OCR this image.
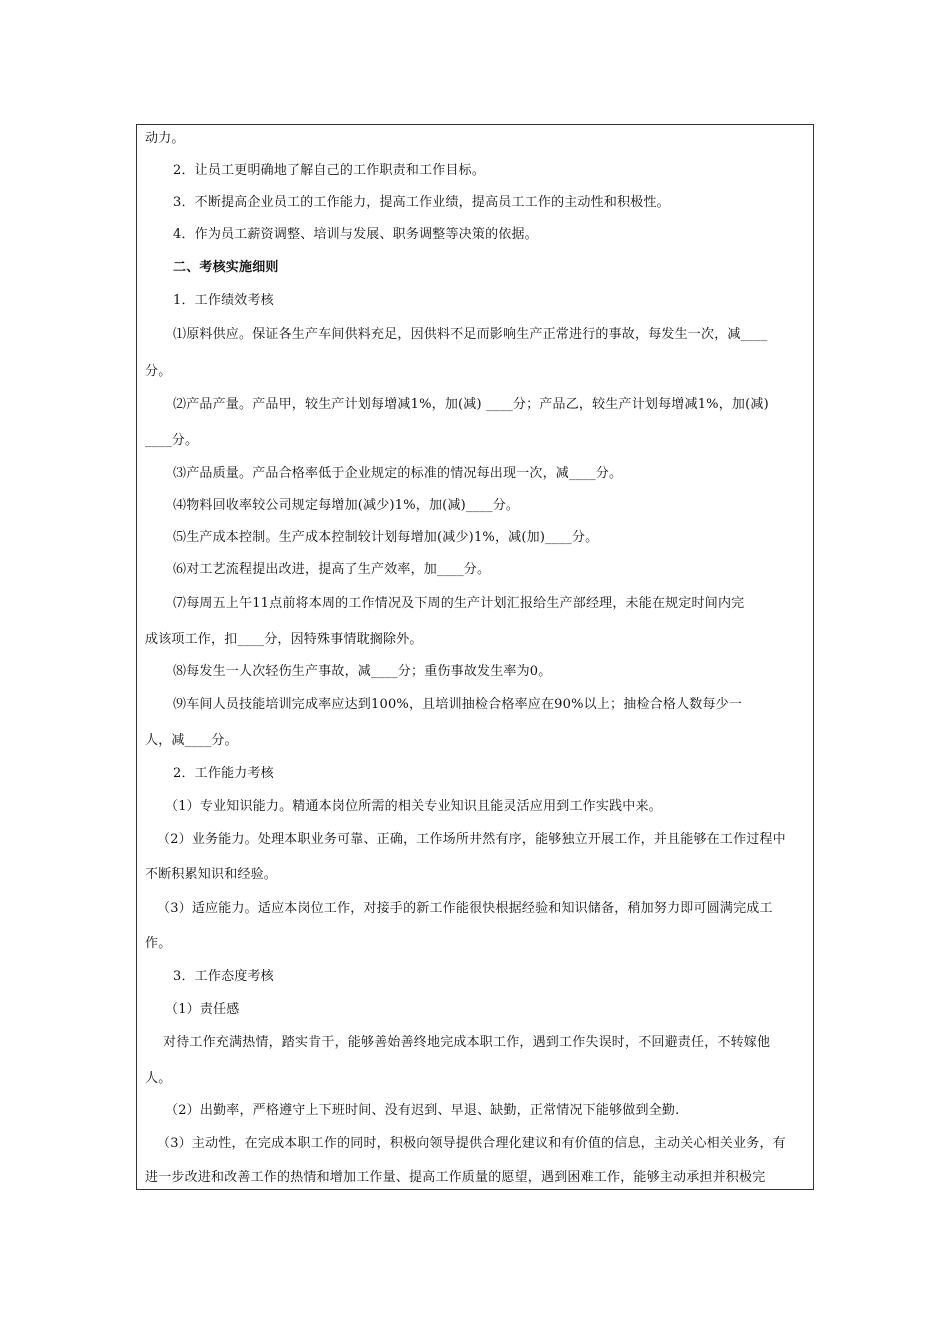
动力。
2．让员工更明确地了解自己的工作职责和工作目标。
3．不断提高企业员工的工作能力，提高工作业绩，提高员工工作的主动性和积极性。
4．作为员工薪资调整、培训与发展、职务调整等决策的依据。
二、考核实施细则
1．工作绩效考核
⑴原料供应。保证各生产车间供料充足，因供料不足而影响生产正常进行的事故，每发生一次，减____
分。
⑵产品产量。产品甲，较生产计划每增减1%，加(减) ____分；产品乙，较生产计划每增减1%，加(减)
____分。
⑶产品质量。产品合格率低于企业规定的标准的情况每出现一次，减____分。
⑷物料回收率较公司规定每增加(减少)1%，加(减)____分。
⑸生产成本控制。生产成本控制较计划每增加(减少)1%，减(加)____分。
⑹对工艺流程提出改进，提高了生产效率，加____分。
⑺每周五上午11点前将本周的工作情况及下周的生产计划汇报给生产部经理，未能在规定时间内完
成该项工作，扣____分，因特殊事情耽搁除外。
⑻每发生一人次轻伤生产事故，减____分；重伤事故发生率为0。
⑼车间人员技能培训完成率应达到100%，且培训抽检合格率应在90%以上；抽检合格人数每少一
人，减____分。
2．工作能力考核
（1）专业知识能力。精通本岗位所需的相关专业知识且能灵活应用到工作实践中来。
（2）业务能力。处理本职业务可靠、正确，工作场所井然有序，能够独立开展工作，并且能够在工作过程中
不断积累知识和经验。
（3）适应能力。适应本岗位工作，对接手的新工作能很快根据经验和知识储备，稍加努力即可圆满完成工
作。
3．工作态度考核
（1）责任感
对待工作充满热情，踏实肯干，能够善始善终地完成本职工作，遇到工作失误时，不回避责任，不转嫁他
人。
（2）出勤率，严格遵守上下班时间、没有迟到、早退、缺勤，正常情况下能够做到全勤.
（3）主动性，在完成本职工作的同时，积极向领导提供合理化建议和有价值的信息，主动关心相关业务，有
进一步改进和改善工作的热情和增加工作量、提高工作质量的愿望，遇到困难工作，能够主动承担并积极完
